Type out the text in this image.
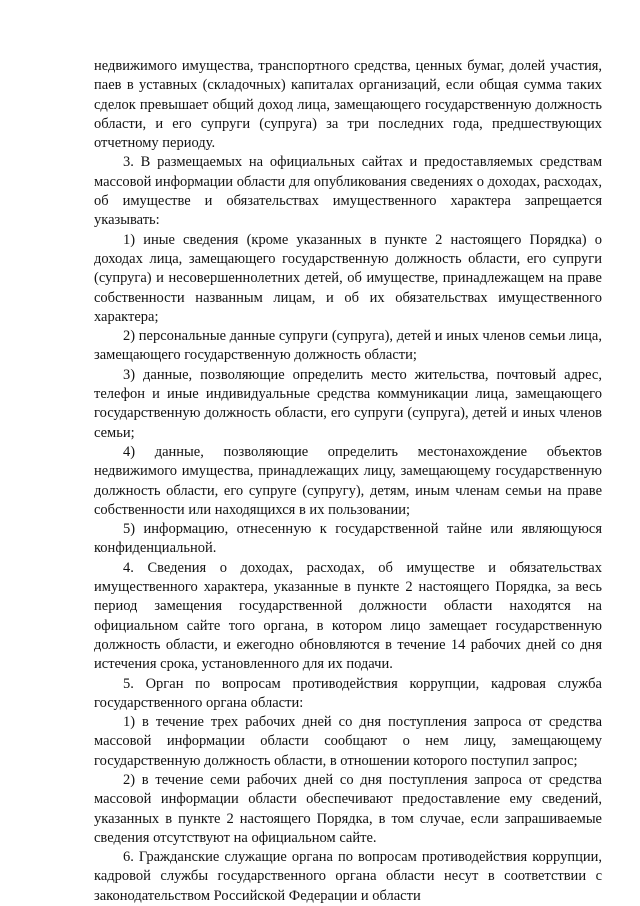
недвижимого имущества, транспортного средства, ценных бумаг, долей участия, паев в уставных (складочных) капиталах организаций, если общая сумма таких сделок превышает общий доход лица, замещающего государственную должность области, и его супруги (супруга) за три последних года, предшествующих отчетному периоду.

3. В размещаемых на официальных сайтах и предоставляемых средствам массовой информации области для опубликования сведениях о доходах, расходах, об имуществе и обязательствах имущественного характера запрещается указывать:

1) иные сведения (кроме указанных в пункте 2 настоящего Порядка) о доходах лица, замещающего государственную должность области, его супруги (супруга) и несовершеннолетних детей, об имуществе, принадлежащем на праве собственности названным лицам, и об их обязательствах имущественного характера;

2) персональные данные супруги (супруга), детей и иных членов семьи лица, замещающего государственную должность области;

3) данные, позволяющие определить место жительства, почтовый адрес, телефон и иные индивидуальные средства коммуникации лица, замещающего государственную должность области, его супруги (супруга), детей и иных членов семьи;

4) данные, позволяющие определить местонахождение объектов недвижимого имущества, принадлежащих лицу, замещающему государственную должность области, его супруге (супругу), детям, иным членам семьи на праве собственности или находящихся в их пользовании;

5) информацию, отнесенную к государственной тайне или являющуюся конфиденциальной.

4. Сведения о доходах, расходах, об имуществе и обязательствах имущественного характера, указанные в пункте 2 настоящего Порядка, за весь период замещения государственной должности области находятся на официальном сайте того органа, в котором лицо замещает государственную должность области, и ежегодно обновляются в течение 14 рабочих дней со дня истечения срока, установленного для их подачи.

5. Орган по вопросам противодействия коррупции, кадровая служба государственного органа области:

1) в течение трех рабочих дней со дня поступления запроса от средства массовой информации области сообщают о нем лицу, замещающему государственную должность области, в отношении которого поступил запрос;

2) в течение семи рабочих дней со дня поступления запроса от средства массовой информации области обеспечивают предоставление ему сведений, указанных в пункте 2 настоящего Порядка, в том случае, если запрашиваемые сведения отсутствуют на официальном сайте.

6. Гражданские служащие органа по вопросам противодействия коррупции, кадровой службы государственного органа области несут в соответствии с законодательством Российской Федерации и области
